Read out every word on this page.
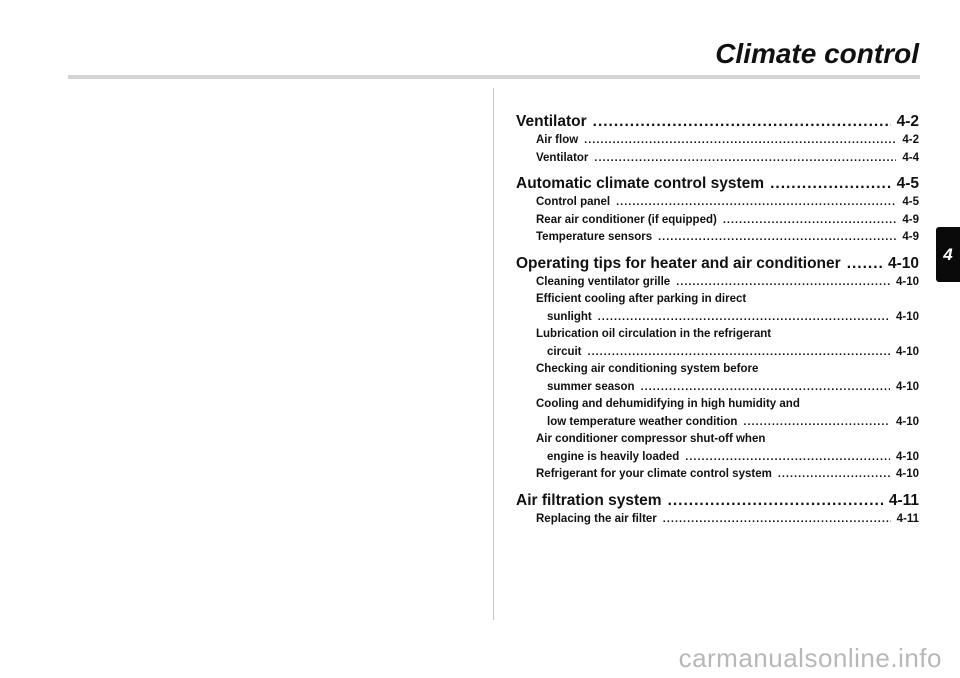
Climate control
4
Ventilator .....	4-2
Air flow .....	4-2
Ventilator .....	4-4
Automatic climate control system .....	4-5
Control panel .....	4-5
Rear air conditioner (if equipped) .....	4-9
Temperature sensors .....	4-9
Operating tips for heater and air conditioner .....	4-10
Cleaning ventilator grille .....	4-10
Efficient cooling after parking in direct
sunlight .....	4-10
Lubrication oil circulation in the refrigerant
circuit .....	4-10
Checking air conditioning system before
summer season .....	4-10
Cooling and dehumidifying in high humidity and
low temperature weather condition .....	4-10
Air conditioner compressor shut-off when
engine is heavily loaded .....	4-10
Refrigerant for your climate control system .....	4-10
Air filtration system .....	4-11
Replacing the air filter .....	4-11
carmanualsonline.info
